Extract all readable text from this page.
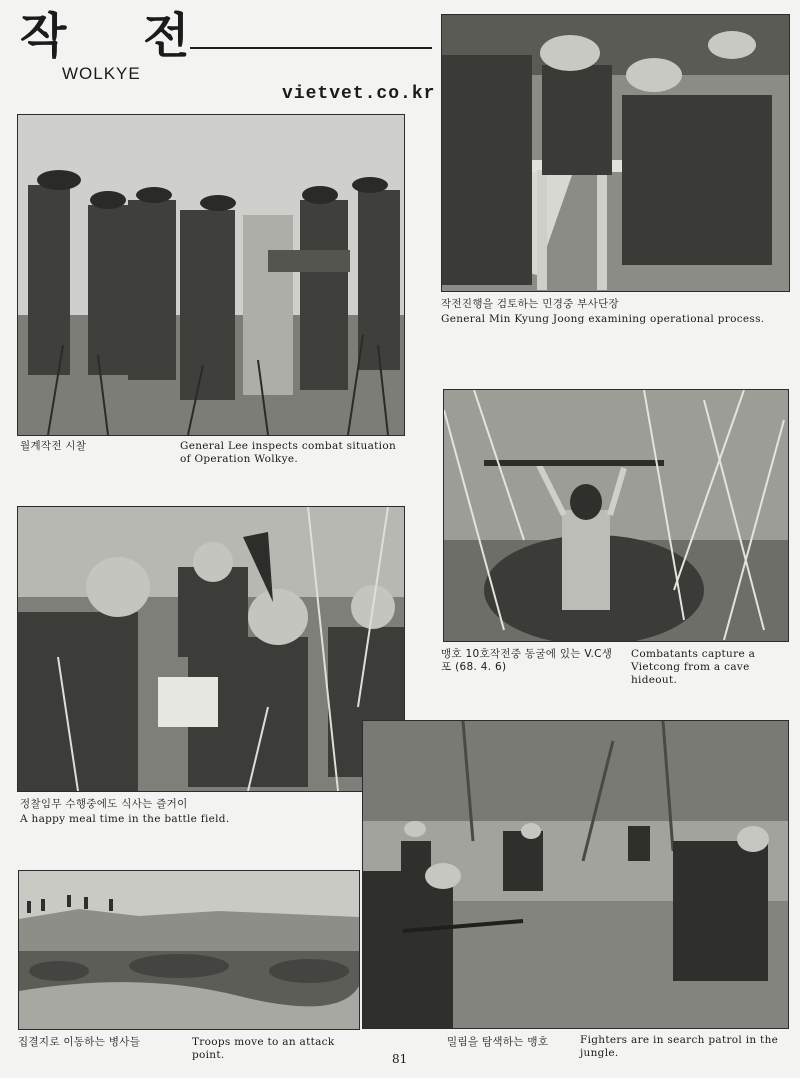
작 전
WOLKYE
vietvet.co.kr
월계작전 시찰	General Lee inspects combat situation of Operation Wolkye.
작전진행을 검토하는 민경중 부사단장
General Min Kyung Joong examining operational process.
맹호 10호작전중 동굴에 있는 V.C생포 (68. 4. 6)
Combatants capture a Vietcong from a cave hideout.
정찰임무 수행중에도 식사는 즐거이
A happy meal time in the battle field.
집결지로 이동하는 병사들	Troops move to an attack point.
밀림을 탐색하는 맹호	Fighters are in search patrol in the jungle.
81
